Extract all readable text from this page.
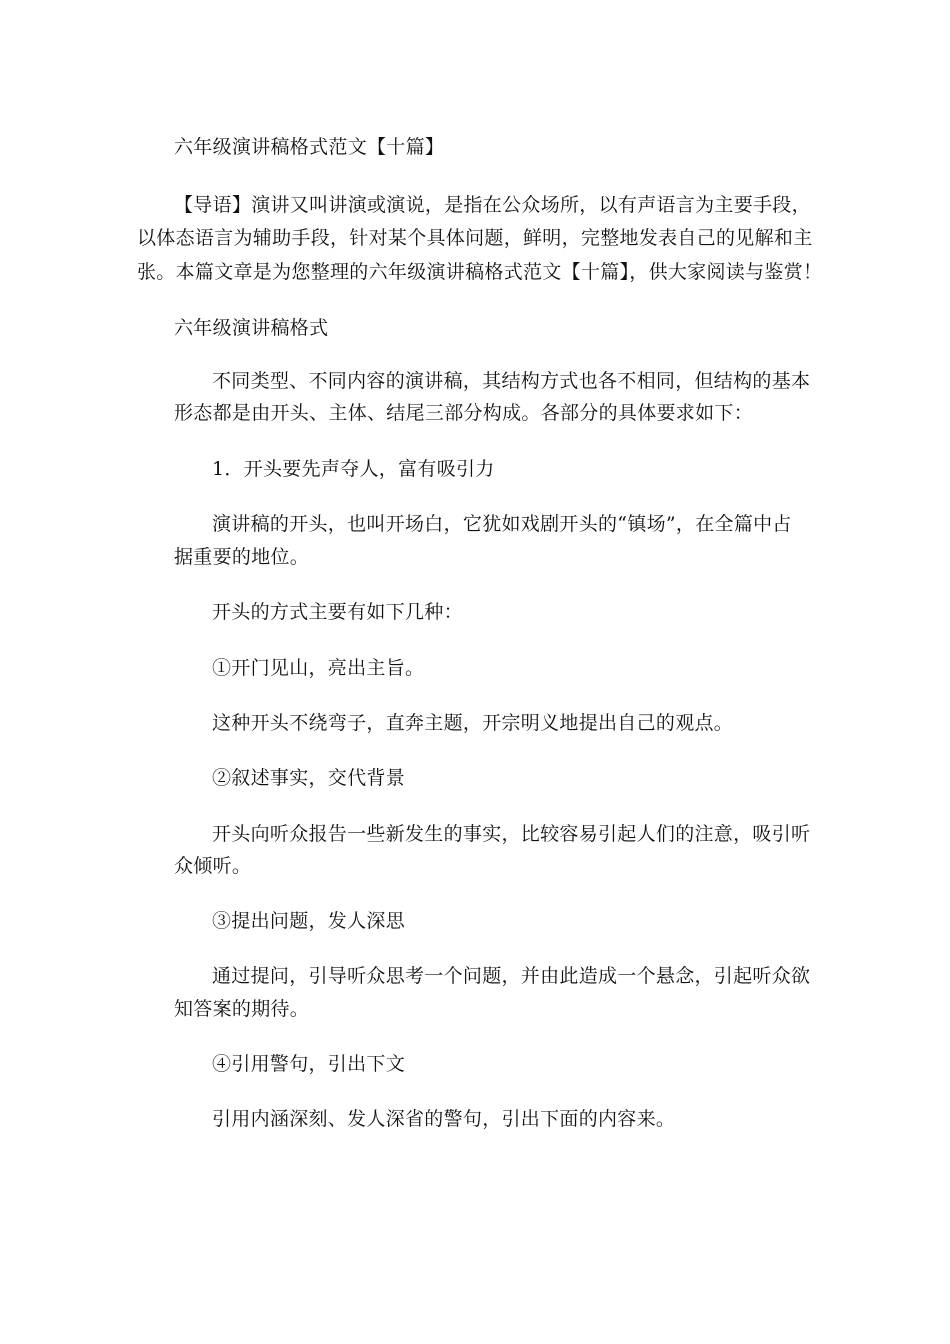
六年级演讲稿格式范文【十篇】
【导语】演讲又叫讲演或演说，是指在公众场所，以有声语言为主要手段，
以体态语言为辅助手段，针对某个具体问题，鲜明，完整地发表自己的见解和主
张。本篇文章是为您整理的六年级演讲稿格式范文【十篇】，供大家阅读与鉴赏！
六年级演讲稿格式
不同类型、不同内容的演讲稿，其结构方式也各不相同，但结构的基本
形态都是由开头、主体、结尾三部分构成。各部分的具体要求如下：
1．开头要先声夺人，富有吸引力
演讲稿的开头，也叫开场白，它犹如戏剧开头的“镇场”，在全篇中占
据重要的地位。
开头的方式主要有如下几种：
①开门见山，亮出主旨。
这种开头不绕弯子，直奔主题，开宗明义地提出自己的观点。
②叙述事实，交代背景
开头向听众报告一些新发生的事实，比较容易引起人们的注意，吸引听
众倾听。
③提出问题，发人深思
通过提问，引导听众思考一个问题，并由此造成一个悬念，引起听众欲
知答案的期待。
④引用警句，引出下文
引用内涵深刻、发人深省的警句，引出下面的内容来。
